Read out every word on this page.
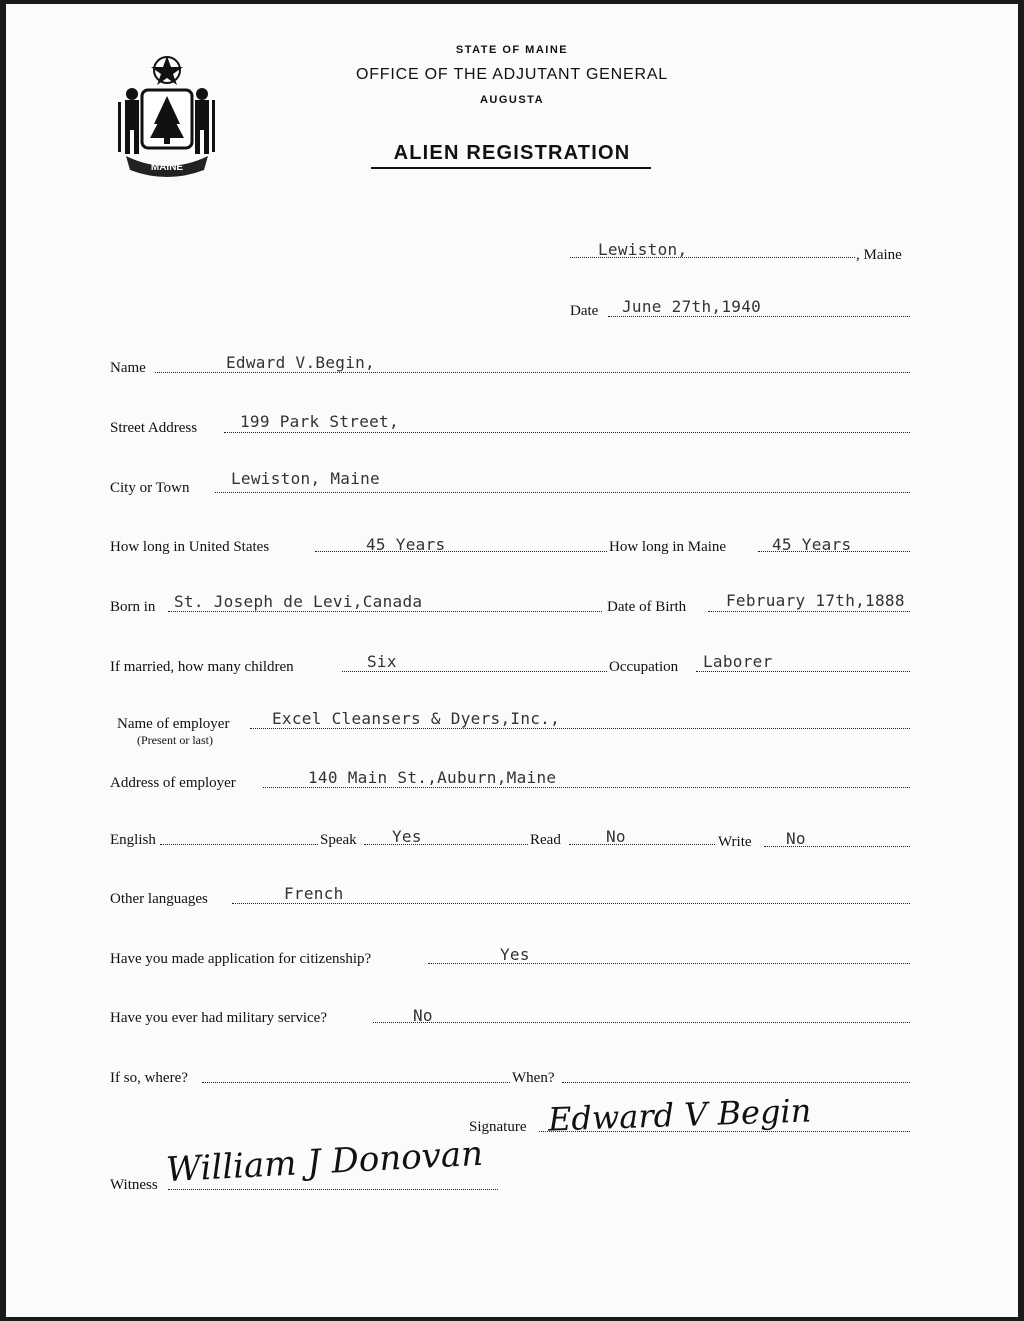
MAINE
STATE OF MAINE
OFFICE OF THE ADJUTANT GENERAL
AUGUSTA
ALIEN REGISTRATION
Lewiston,	, Maine
Date June 27th,1940
Name	Edward V.Begin,
Street Address	199 Park Street,
City or Town	Lewiston, Maine
How long in United States	45 Years	How long in Maine	45 Years
Born in St. Joseph de Levi,Canada	Date of Birth February 17th,1888
If married, how many children	Six	Occupation Laborer
Name of employer
(Present or last)
Excel Cleansers & Dyers,Inc.,
Address of employer	140 Main St.,Auburn,Maine
English	Speak Yes	Read	No	Write No
Other languages	French
Have you made application for citizenship?	Yes
Have you ever had military service?	No
If so, where?	When?
Signature Edward V Begin
Witness William J Donovan
